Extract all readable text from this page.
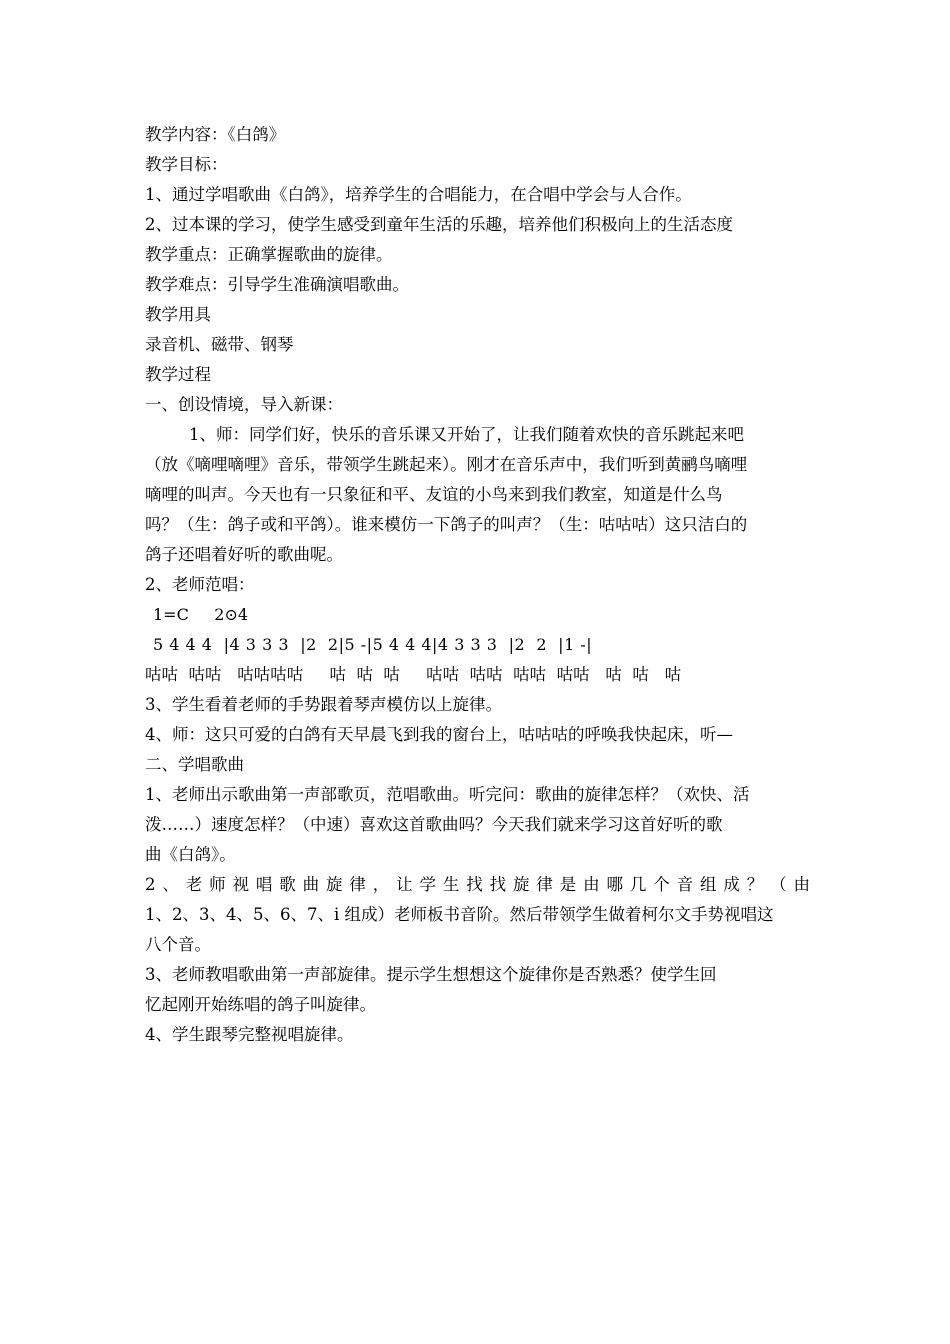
教学内容：《白鸽》
教学目标：
1、通过学唱歌曲《白鸽》，培养学生的合唱能力，在合唱中学会与人合作。
2、过本课的学习，使学生感受到童年生活的乐趣，培养他们积极向上的生活态度
教学重点：正确掌握歌曲的旋律。
教学难点：引导学生准确演唱歌曲。
教学用具
录音机、磁带、钢琴
教学过程
一、创设情境，导入新课：
1、师：同学们好，快乐的音乐课又开始了，让我们随着欢快的音乐跳起来吧
（放《嘀哩嘀哩》音乐，带领学生跳起来）。刚才在音乐声中，我们听到黄鹂鸟嘀哩
嘀哩的叫声。今天也有一只象征和平、友谊的小鸟来到我们教室，知道是什么鸟
吗？（生：鸽子或和平鸽）。谁来模仿一下鸽子的叫声？（生：咕咕咕）这只洁白的
鸽子还唱着好听的歌曲呢。
2、老师范唱：
1=C     2⊙4
5 4 4 4  |4 3 3 3  |2  2|5 -|5 4 4 4|4 3 3 3  |2  2  |1 -|
咕咕  咕咕   咕咕咕咕     咕  咕  咕     咕咕  咕咕  咕咕  咕咕   咕  咕   咕
3、学生看着老师的手势跟着琴声模仿以上旋律。
4、师：这只可爱的白鸽有天早晨飞到我的窗台上，咕咕咕的呼唤我快起床，听—
二、学唱歌曲
1、老师出示歌曲第一声部歌页，范唱歌曲。听完问：歌曲的旋律怎样？（欢快、活
泼……）速度怎样？（中速）喜欢这首歌曲吗？今天我们就来学习这首好听的歌
曲《白鸽》。
2、老师视唱歌曲旋律，让学生找找旋律是由哪几个音组成？（由
1、2、3、4、5、6、7、i 组成）老师板书音阶。然后带领学生做着柯尔文手势视唱这
八个音。
3、老师教唱歌曲第一声部旋律。提示学生想想这个旋律你是否熟悉？使学生回
忆起刚开始练唱的鸽子叫旋律。
4、学生跟琴完整视唱旋律。
